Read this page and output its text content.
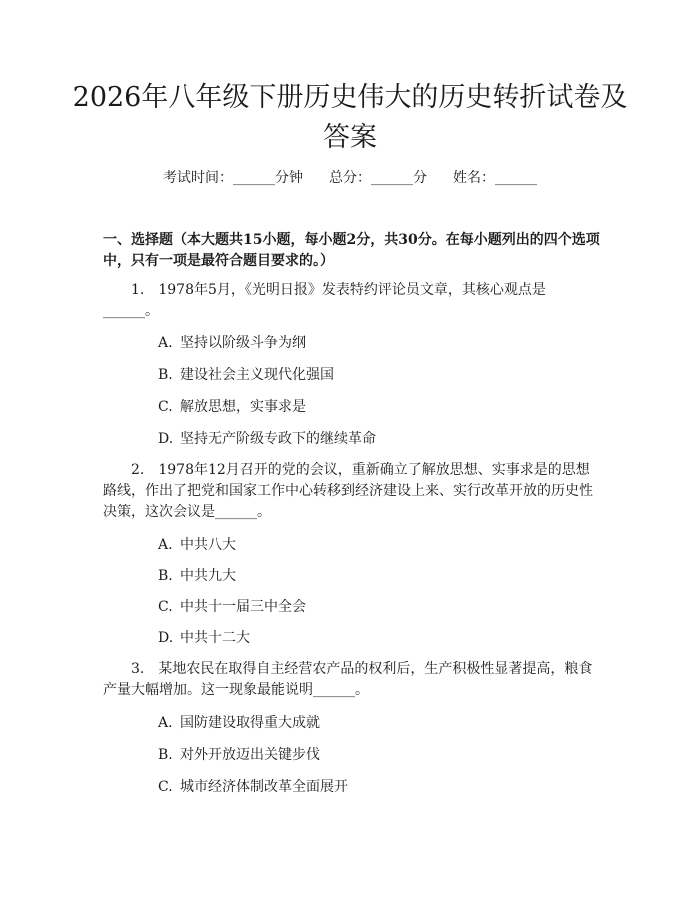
2026年八年级下册历史伟大的历史转折试卷及答案
考试时间：______分钟 总分：______分 姓名：______
一、选择题（本大题共15小题，每小题2分，共30分。在每小题列出的四个选项中，只有一项是最符合题目要求的。）
1.　1978年5月，《光明日报》发表特约评论员文章，其核心观点是______。
A. 坚持以阶级斗争为纲
B. 建设社会主义现代化强国
C. 解放思想，实事求是
D. 坚持无产阶级专政下的继续革命
2.　1978年12月召开的党的会议，重新确立了解放思想、实事求是的思想路线，作出了把党和国家工作中心转移到经济建设上来、实行改革开放的历史性决策，这次会议是______。
A. 中共八大
B. 中共九大
C. 中共十一届三中全会
D. 中共十二大
3.　某地农民在取得自主经营农产品的权利后，生产积极性显著提高，粮食产量大幅增加。这一现象最能说明______。
A. 国防建设取得重大成就
B. 对外开放迈出关键步伐
C. 城市经济体制改革全面展开
